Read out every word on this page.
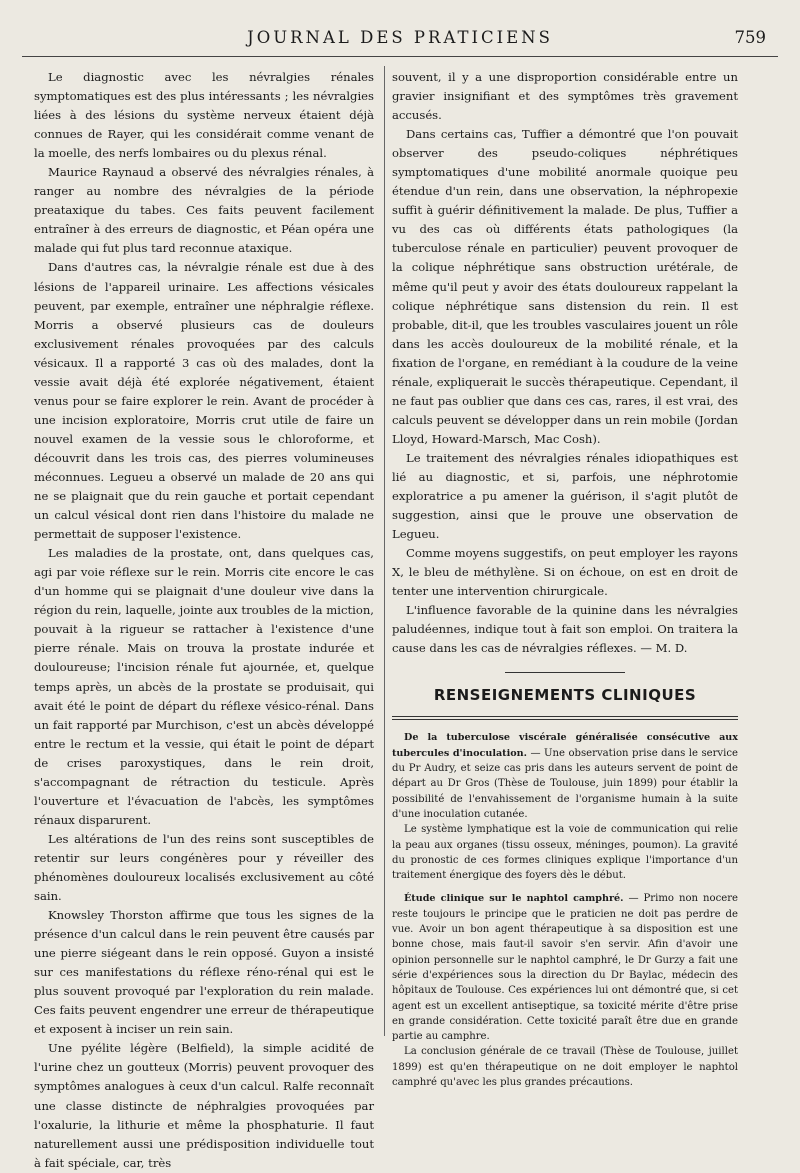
JOURNAL DES PRATICIENS	759

Le diagnostic avec les névralgies rénales symptomatiques est des plus intéressants ; les névralgies liées à des lésions du système nerveux étaient déjà connues de Rayer, qui les considérait comme venant de la moelle, des nerfs lombaires ou du plexus rénal.

Maurice Raynaud a observé des névralgies rénales, à ranger au nombre des névralgies de la période preataxique du tabes. Ces faits peuvent facilement entraîner à des erreurs de diagnostic, et Péan opéra une malade qui fut plus tard reconnue ataxique.

Dans d'autres cas, la névralgie rénale est due à des lésions de l'appareil urinaire. Les affections vésicales peuvent, par exemple, entraîner une néphralgie réflexe. Morris a observé plusieurs cas de douleurs exclusivement rénales provoquées par des calculs vésicaux. Il a rapporté 3 cas où des malades, dont la vessie avait déjà été explorée négativement, étaient venus pour se faire explorer le rein. Avant de procéder à une incision exploratoire, Morris crut utile de faire un nouvel examen de la vessie sous le chloroforme, et découvrit dans les trois cas, des pierres volumineuses méconnues. Legueu a observé un malade de 20 ans qui ne se plaignait que du rein gauche et portait cependant un calcul vésical dont rien dans l'histoire du malade ne permettait de supposer l'existence.

Les maladies de la prostate, ont, dans quelques cas, agi par voie réflexe sur le rein. Morris cite encore le cas d'un homme qui se plaignait d'une douleur vive dans la région du rein, laquelle, jointe aux troubles de la miction, pouvait à la rigueur se rattacher à l'existence d'une pierre rénale. Mais on trouva la prostate indurée et douloureuse; l'incision rénale fut ajournée, et, quelque temps après, un abcès de la prostate se produisait, qui avait été le point de départ du réflexe vésico-rénal. Dans un fait rapporté par Murchison, c'est un abcès développé entre le rectum et la vessie, qui était le point de départ de crises paroxystiques, dans le rein droit, s'accompagnant de rétraction du testicule. Après l'ouverture et l'évacuation de l'abcès, les symptômes rénaux disparurent.

Les altérations de l'un des reins sont susceptibles de retentir sur leurs congénères pour y réveiller des phénomènes douloureux localisés exclusivement au côté sain.

Knowsley Thorston affirme que tous les signes de la présence d'un calcul dans le rein peuvent être causés par une pierre siégeant dans le rein opposé. Guyon a insisté sur ces manifestations du réflexe réno-rénal qui est le plus souvent provoqué par l'exploration du rein malade. Ces faits peuvent engendrer une erreur de thérapeutique et exposent à inciser un rein sain.

Une pyélite légère (Belfield), la simple acidité de l'urine chez un goutteux (Morris) peuvent provoquer des symptômes analogues à ceux d'un calcul. Ralfe reconnaît une classe distincte de néphralgies provoquées par l'oxalurie, la lithurie et même la phosphaturie. Il faut naturellement aussi une prédisposition individuelle tout à fait spéciale, car, très

souvent, il y a une disproportion considérable entre un gravier insignifiant et des symptômes très gravement accusés.

Dans certains cas, Tuffier a démontré que l'on pouvait observer des pseudo-coliques néphrétiques symptomatiques d'une mobilité anormale quoique peu étendue d'un rein, dans une observation, la néphropexie suffit à guérir définitivement la malade. De plus, Tuffier a vu des cas où différents états pathologiques (la tuberculose rénale en particulier) peuvent provoquer de la colique néphrétique sans obstruction urétérale, de même qu'il peut y avoir des états douloureux rappelant la colique néphrétique sans distension du rein. Il est probable, dit-il, que les troubles vasculaires jouent un rôle dans les accès douloureux de la mobilité rénale, et la fixation de l'organe, en remédiant à la coudure de la veine rénale, expliquerait le succès thérapeutique. Cependant, il ne faut pas oublier que dans ces cas, rares, il est vrai, des calculs peuvent se développer dans un rein mobile (Jordan Lloyd, Howard-Marsch, Mac Cosh).

Le traitement des névralgies rénales idiopathiques est lié au diagnostic, et si, parfois, une néphrotomie exploratrice a pu amener la guérison, il s'agit plutôt de suggestion, ainsi que le prouve une observation de Legueu.

Comme moyens suggestifs, on peut employer les rayons X, le bleu de méthylène. Si on échoue, on est en droit de tenter une intervention chirurgicale.

L'influence favorable de la quinine dans les névralgies paludéennes, indique tout à fait son emploi. On traitera la cause dans les cas de névralgies réflexes. — M. D.

RENSEIGNEMENTS CLINIQUES

De la tuberculose viscérale généralisée consécutive aux tubercules d'inoculation. — Une observation prise dans le service du Pr Audry, et seize cas pris dans les auteurs servent de point de départ au Dr Gros (Thèse de Toulouse, juin 1899) pour établir la possibilité de l'envahissement de l'organisme humain à la suite d'une inoculation cutanée.

Le système lymphatique est la voie de communication qui relie la peau aux organes (tissu osseux, méninges, poumon). La gravité du pronostic de ces formes cliniques explique l'importance d'un traitement énergique des foyers dès le début.

Étude clinique sur le naphtol camphré. — Primo non nocere reste toujours le principe que le praticien ne doit pas perdre de vue. Avoir un bon agent thérapeutique à sa disposition est une bonne chose, mais faut-il savoir s'en servir. Afin d'avoir une opinion personnelle sur le naphtol camphré, le Dr Gurzy a fait une série d'expériences sous la direction du Dr Baylac, médecin des hôpitaux de Toulouse. Ces expériences lui ont démontré que, si cet agent est un excellent antiseptique, sa toxicité mérite d'être prise en grande considération. Cette toxicité paraît être due en grande partie au camphre.

La conclusion générale de ce travail (Thèse de Toulouse, juillet 1899) est qu'en thérapeutique on ne doit employer le naphtol camphré qu'avec les plus grandes précautions.
